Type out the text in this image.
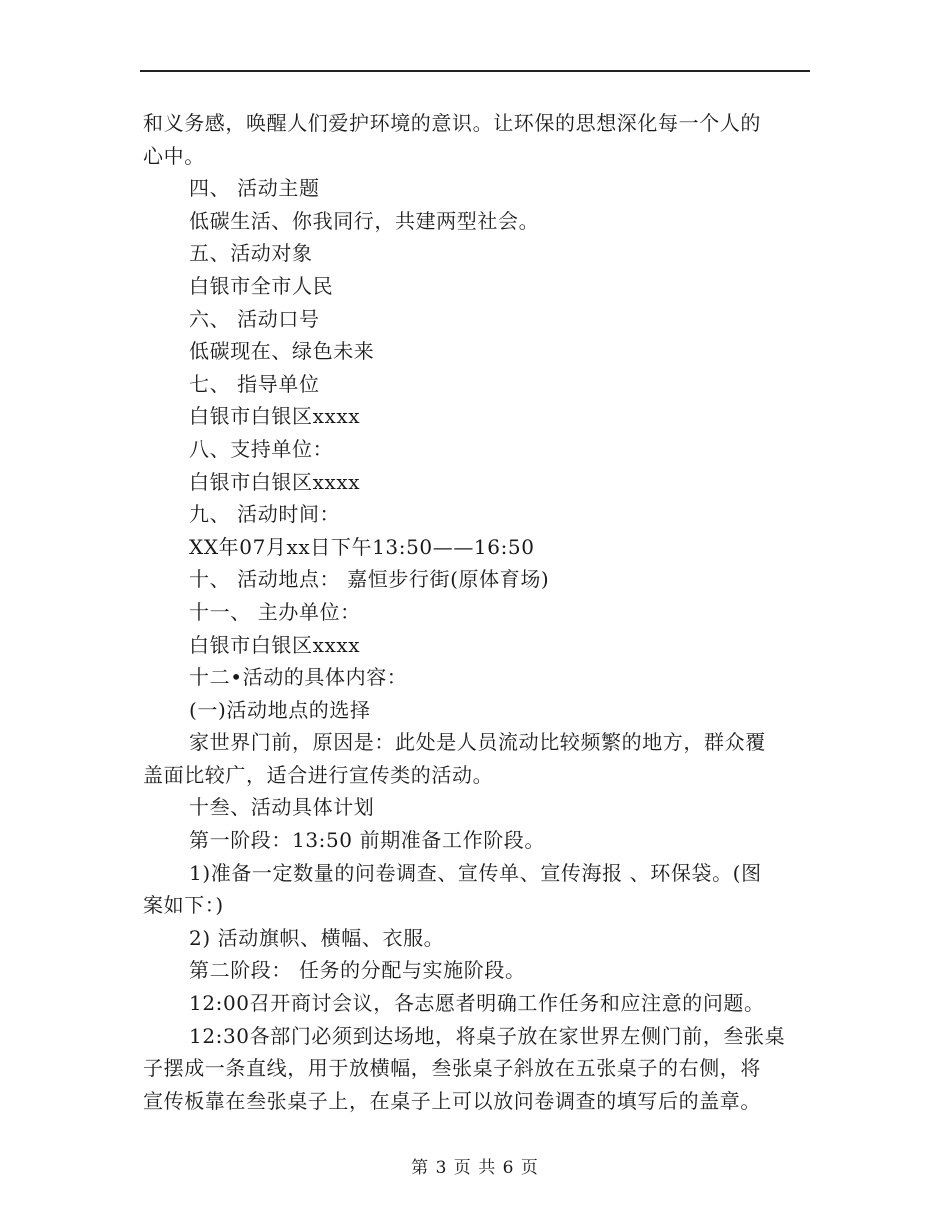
和义务感，唤醒人们爱护环境的意识。让环保的思想深化每一个人的
心中。
四、 活动主题
低碳生活、你我同行，共建两型社会。
五、活动对象
白银市全市人民
六、 活动口号
低碳现在、绿色未来
七、 指导单位
白银市白银区xxxx
八、支持单位：
白银市白银区xxxx
九、 活动时间：
XX年07月xx日下午13:50——16:50
十、 活动地点： 嘉恒步行街(原体育场)
十一、 主办单位：
白银市白银区xxxx
十二•活动的具体内容：
(一)活动地点的选择
家世界门前，原因是：此处是人员流动比较频繁的地方，群众覆
盖面比较广，适合进行宣传类的活动。
十叁、活动具体计划
第一阶段：13:50 前期准备工作阶段。
1)准备一定数量的问卷调查、宣传单、宣传海报 、环保袋。(图
案如下：)
2) 活动旗帜、横幅、衣服。
第二阶段： 任务的分配与实施阶段。
12:00召开商讨会议，各志愿者明确工作任务和应注意的问题。
12:30各部门必须到达场地，将桌子放在家世界左侧门前，叁张桌
子摆成一条直线，用于放横幅，叁张桌子斜放在五张桌子的右侧，将
宣传板靠在叁张桌子上，在桌子上可以放问卷调查的填写后的盖章。
第 3 页 共 6 页
